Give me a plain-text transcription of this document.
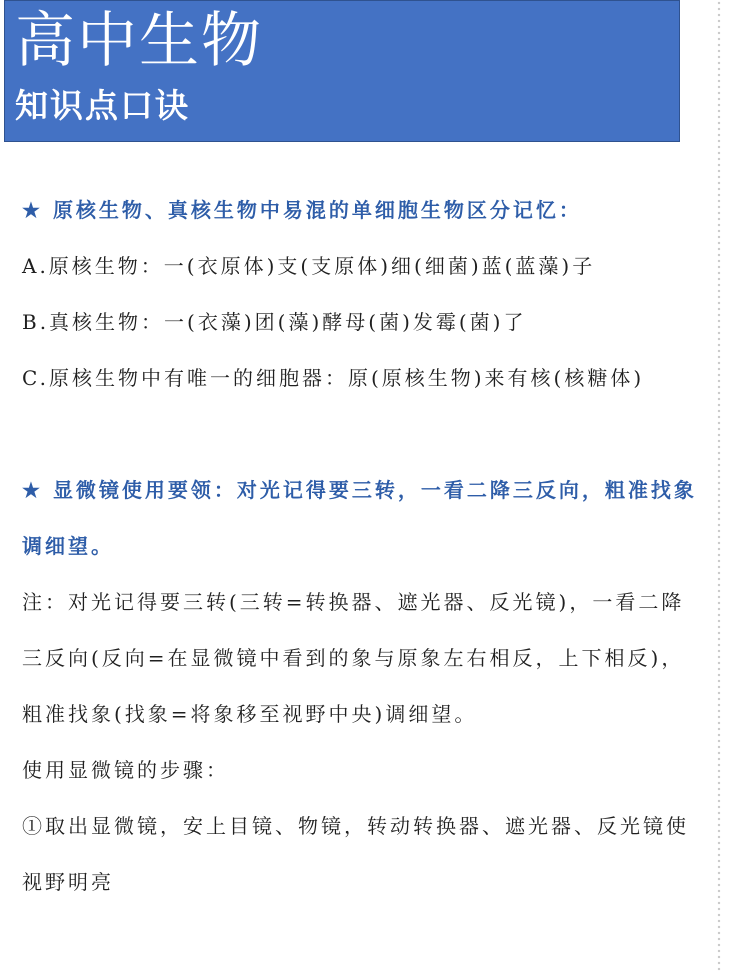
高中生物
知识点口诀

★ 原核生物、真核生物中易混的单细胞生物区分记忆：

A.原核生物：一(衣原体)支(支原体)细(细菌)蓝(蓝藻)子

B.真核生物：一(衣藻)团(藻)酵母(菌)发霉(菌)了

C.原核生物中有唯一的细胞器：原(原核生物)来有核(核糖体)

★ 显微镜使用要领：对光记得要三转，一看二降三反向，粗准找象调细望。

注：对光记得要三转(三转=转换器、遮光器、反光镜)，一看二降三反向(反向=在显微镜中看到的象与原象左右相反，上下相反)，粗准找象(找象=将象移至视野中央)调细望。

使用显微镜的步骤：

①取出显微镜，安上目镜、物镜，转动转换器、遮光器、反光镜使视野明亮
